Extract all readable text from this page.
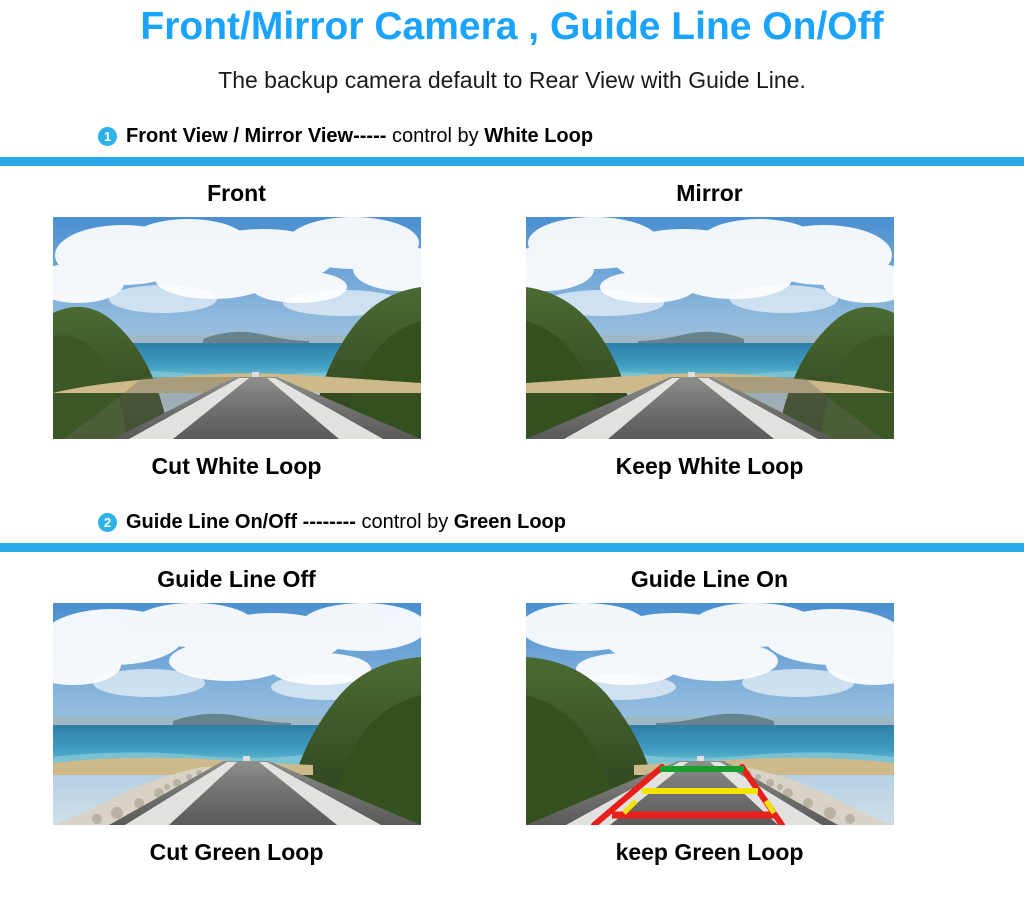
Front/Mirror Camera , Guide Line On/Off
The backup camera default to Rear View with Guide Line.
1 Front View / Mirror View----- control by White Loop
Front
Cut White Loop
Mirror
Keep White Loop
2 Guide Line On/Off -------- control by Green Loop
Guide Line Off
Cut Green Loop
Guide Line On
keep Green Loop
